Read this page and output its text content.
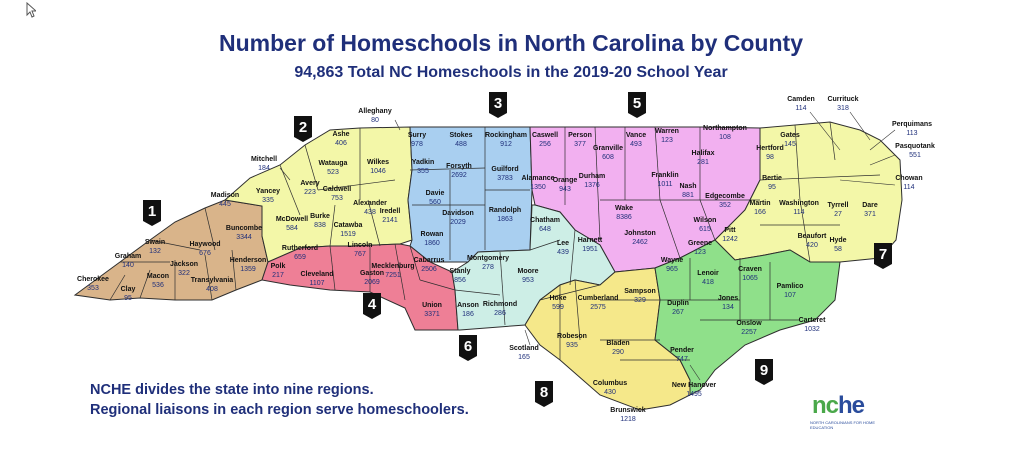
Number of Homeschools in North Carolina by County
94,863 Total NC Homeschools in the 2019-20 School Year
1
2
3
4
5
6
7
8
9
Cherokee
353	Clay
95
Graham
140
Swain
132
Macon
536
Jackson
322
Haywood
676
Madison
445
Buncombe
3344
Henderson
1359
Transylvania
408
Ashe
406
Alleghany
80
Watauga
523
Avery
223
Mitchell
184
Yancey
335
Wilkes
1046
Caldwell
753
Alexander
438
Burke
838
McDowell
584	Catawba
1519
Iredell
2141
Surry
978
Yadkin
355
Polk
217
Stokes
488
Rockingham
912
Forsyth
2692
Guilford
3783
Davie
560
Davidson
2029
Randolph
1863
Rowan
1860
Rutherford
659
Cleveland
1107
Lincoln
767
Gaston
2069
Mecklenburg
7251
Cabarrus
2506
Union
3371
Caswell
256
Person
377
Granville
608
Vance
493
Warren
123
Alamance
1350
Orange
943
Durham
1376
Franklin
1011
Wake
8386
Nash
881
Halifax
281
Northampton
108
Edgecombe
352
Wilson
615
Johnston
2462
Chatham
648
Lee
439
Harnett
1951
Stanly
856
Montgomery
278
Moore
953
Anson
186
Richmond
286
Camden
114
Currituck
318
Gates
145
Hertford
98
Perquimans
113
Pasquotank
551
Chowan
114
Bertie
95
Martin
166
Washington
114
Tyrrell
27
Dare
371
Pitt
1242	Beaufort
420
Hyde
58
Greene
123
Scotland
165
Hoke
599
Cumberland
2575
Sampson
329
Robeson
935	Bladen
290
Columbus
430
Brunswick
1218
Wayne
965
Lenoir
418
Craven
1065
Pamlico
107
Jones
134
Duplin
267
Onslow
2257
Carteret
1032
Pender
747
New Hanover
1495
NCHE divides the state into nine regions.
Regional liaisons in each region serve homeschoolers.	nche
NORTH CAROLINIANS FOR HOME EDUCATION
